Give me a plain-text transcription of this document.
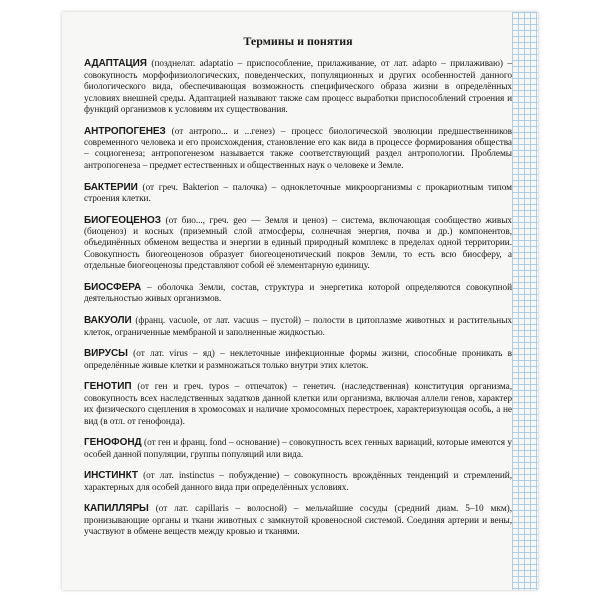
Термины и понятия

АДАПТАЦИЯ (позднелат. adaptatio – приспособление, прилаживание, от лат. adapto – прилаживаю) – совокупность морфофизиологических, поведенческих, популяционных и других особенностей данного биологического вида, обеспечивающая возможность специфического образа жизни в определённых условиях внешней среды. Адаптацией называют также сам процесс выработки приспособлений строения и функций организмов к условиям их существования.

АНТРОПОГЕНЕЗ (от антропо... и ...генез) – процесс биологической эволюции предшественников современного человека и его происхождения, становление его как вида в процессе формирования общества – социогенеза; антропогенезом называется также соответствующий раздел антропологии. Проблемы антропогенеза – предмет естественных и общественных наук о человеке и Земле.

БАКТЕРИИ (от греч. Bakterion – палочка) – одноклеточные микроорганизмы с прокариотным типом строения клетки.

БИОГЕОЦЕНОЗ (от био..., греч. geo — Земля и ценоз) – система, включающая сообщество живых (биоценоз) и косных (приземный слой атмосферы, солнечная энергия, почва и др.) компонентов, объединённых обменом вещества и энергии в единый природный комплекс в пределах одной территории. Совокупность биогеоценозов образует биогеоценотический покров Земли, то есть всю биосферу, а отдельные биогеоценозы представляют собой её элементарную единицу.

БИОСФЕРА – оболочка Земли, состав, структура и энергетика которой определяются совокупной деятельностью живых организмов.

ВАКУОЛИ (франц. vacuole, от лат. vacuus – пустой) – полости в цитоплазме животных и растительных клеток, ограниченные мембраной и заполненные жидкостью.

ВИРУСЫ (от лат. virus – яд) – неклеточные инфекционные формы жизни, способные проникать в определённые живые клетки и размножаться только внутри этих клеток.

ГЕНОТИП (от ген и греч. typos – отпечаток) – генетич. (наследственная) конституция организма, совокупность всех наследственных задатков данной клетки или организма, включая аллели генов, характер их физического сцепления в хромосомах и наличие хромосомных перестроек, характеризующая особь, а не вид (в отл. от генофонда).

ГЕНОФОНД (от ген и франц. fond – основание) – совокупность всех генных вариаций, которые имеются у особей данной популяции, группы популяций или вида.

ИНСТИНКТ (от лат. instinctus – побуждение) – совокупность врождённых тенденций и стремлений, характерных для особей данного вида при определённых условиях.

КАПИЛЛЯРЫ (от лат. capillaris – волосной) – мельчайшие сосуды (средний диам. 5–10 мкм), пронизывающие органы и ткани животных с замкнутой кровеносной системой. Соединяя артерии и вены, участвуют в обмене веществ между кровью и тканями.
